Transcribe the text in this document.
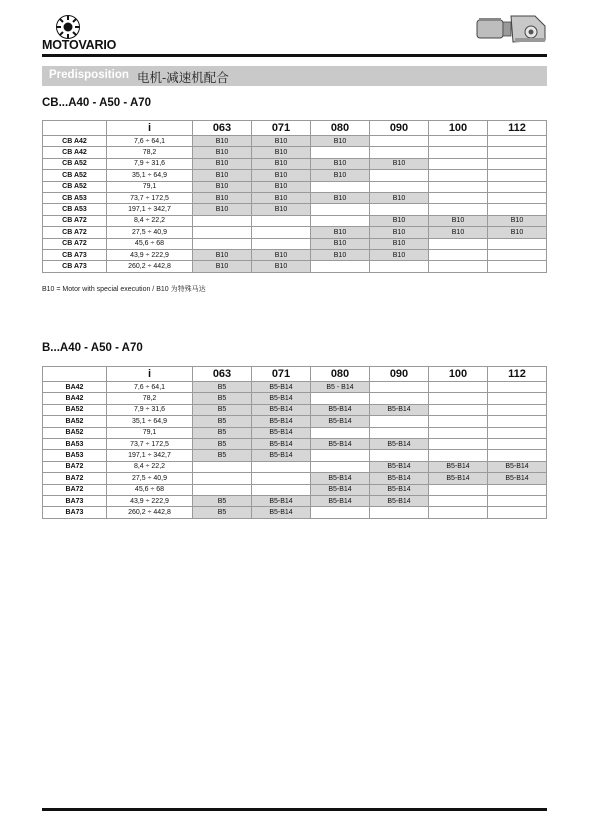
MOTOVARIO
Predisposition 电机-减速机配合
CB...A40 - A50 - A70
	i	063	071	080	090	100	112
CB A42	7,6 ÷ 64,1	B10	B10	B10			
CB A42	78,2	B10	B10				
CB A52	7,9 ÷ 31,6	B10	B10	B10	B10		
CB A52	35,1 ÷ 64,9	B10	B10	B10			
CB A52	79,1	B10	B10				
CB A53	73,7 ÷ 172,5	B10	B10	B10	B10		
CB A53	197,1 ÷ 342,7	B10	B10				
CB A72	8,4 ÷ 22,2				B10	B10	B10
CB A72	27,5 ÷ 40,9			B10	B10	B10	B10
CB A72	45,6 ÷ 68			B10	B10		
CB A73	43,9 ÷ 222,9	B10	B10	B10	B10		
CB A73	260,2 ÷ 442,8	B10	B10				
B10 = Motor with special execution / B10 为特殊马达
B...A40 - A50 - A70
	i	063	071	080	090	100	112
BA42	7,6 ÷ 64,1	B5	B5-B14	B5 - B14			
BA42	78,2	B5	B5-B14				
BA52	7,9 ÷ 31,6	B5	B5-B14	B5-B14	B5-B14		
BA52	35,1 ÷ 64,9	B5	B5-B14	B5-B14			
BA52	79,1	B5	B5-B14				
BA53	73,7 ÷ 172,5	B5	B5-B14	B5-B14	B5-B14		
BA53	197,1 ÷ 342,7	B5	B5-B14				
BA72	8,4 ÷ 22,2				B5-B14	B5-B14	B5-B14
BA72	27,5 ÷ 40,9			B5-B14	B5-B14	B5-B14	B5-B14
BA72	45,6 ÷ 68			B5-B14	B5-B14		
BA73	43,9 ÷ 222,9	B5	B5-B14	B5-B14	B5-B14		
BA73	260,2 ÷ 442,8	B5	B5-B14				
